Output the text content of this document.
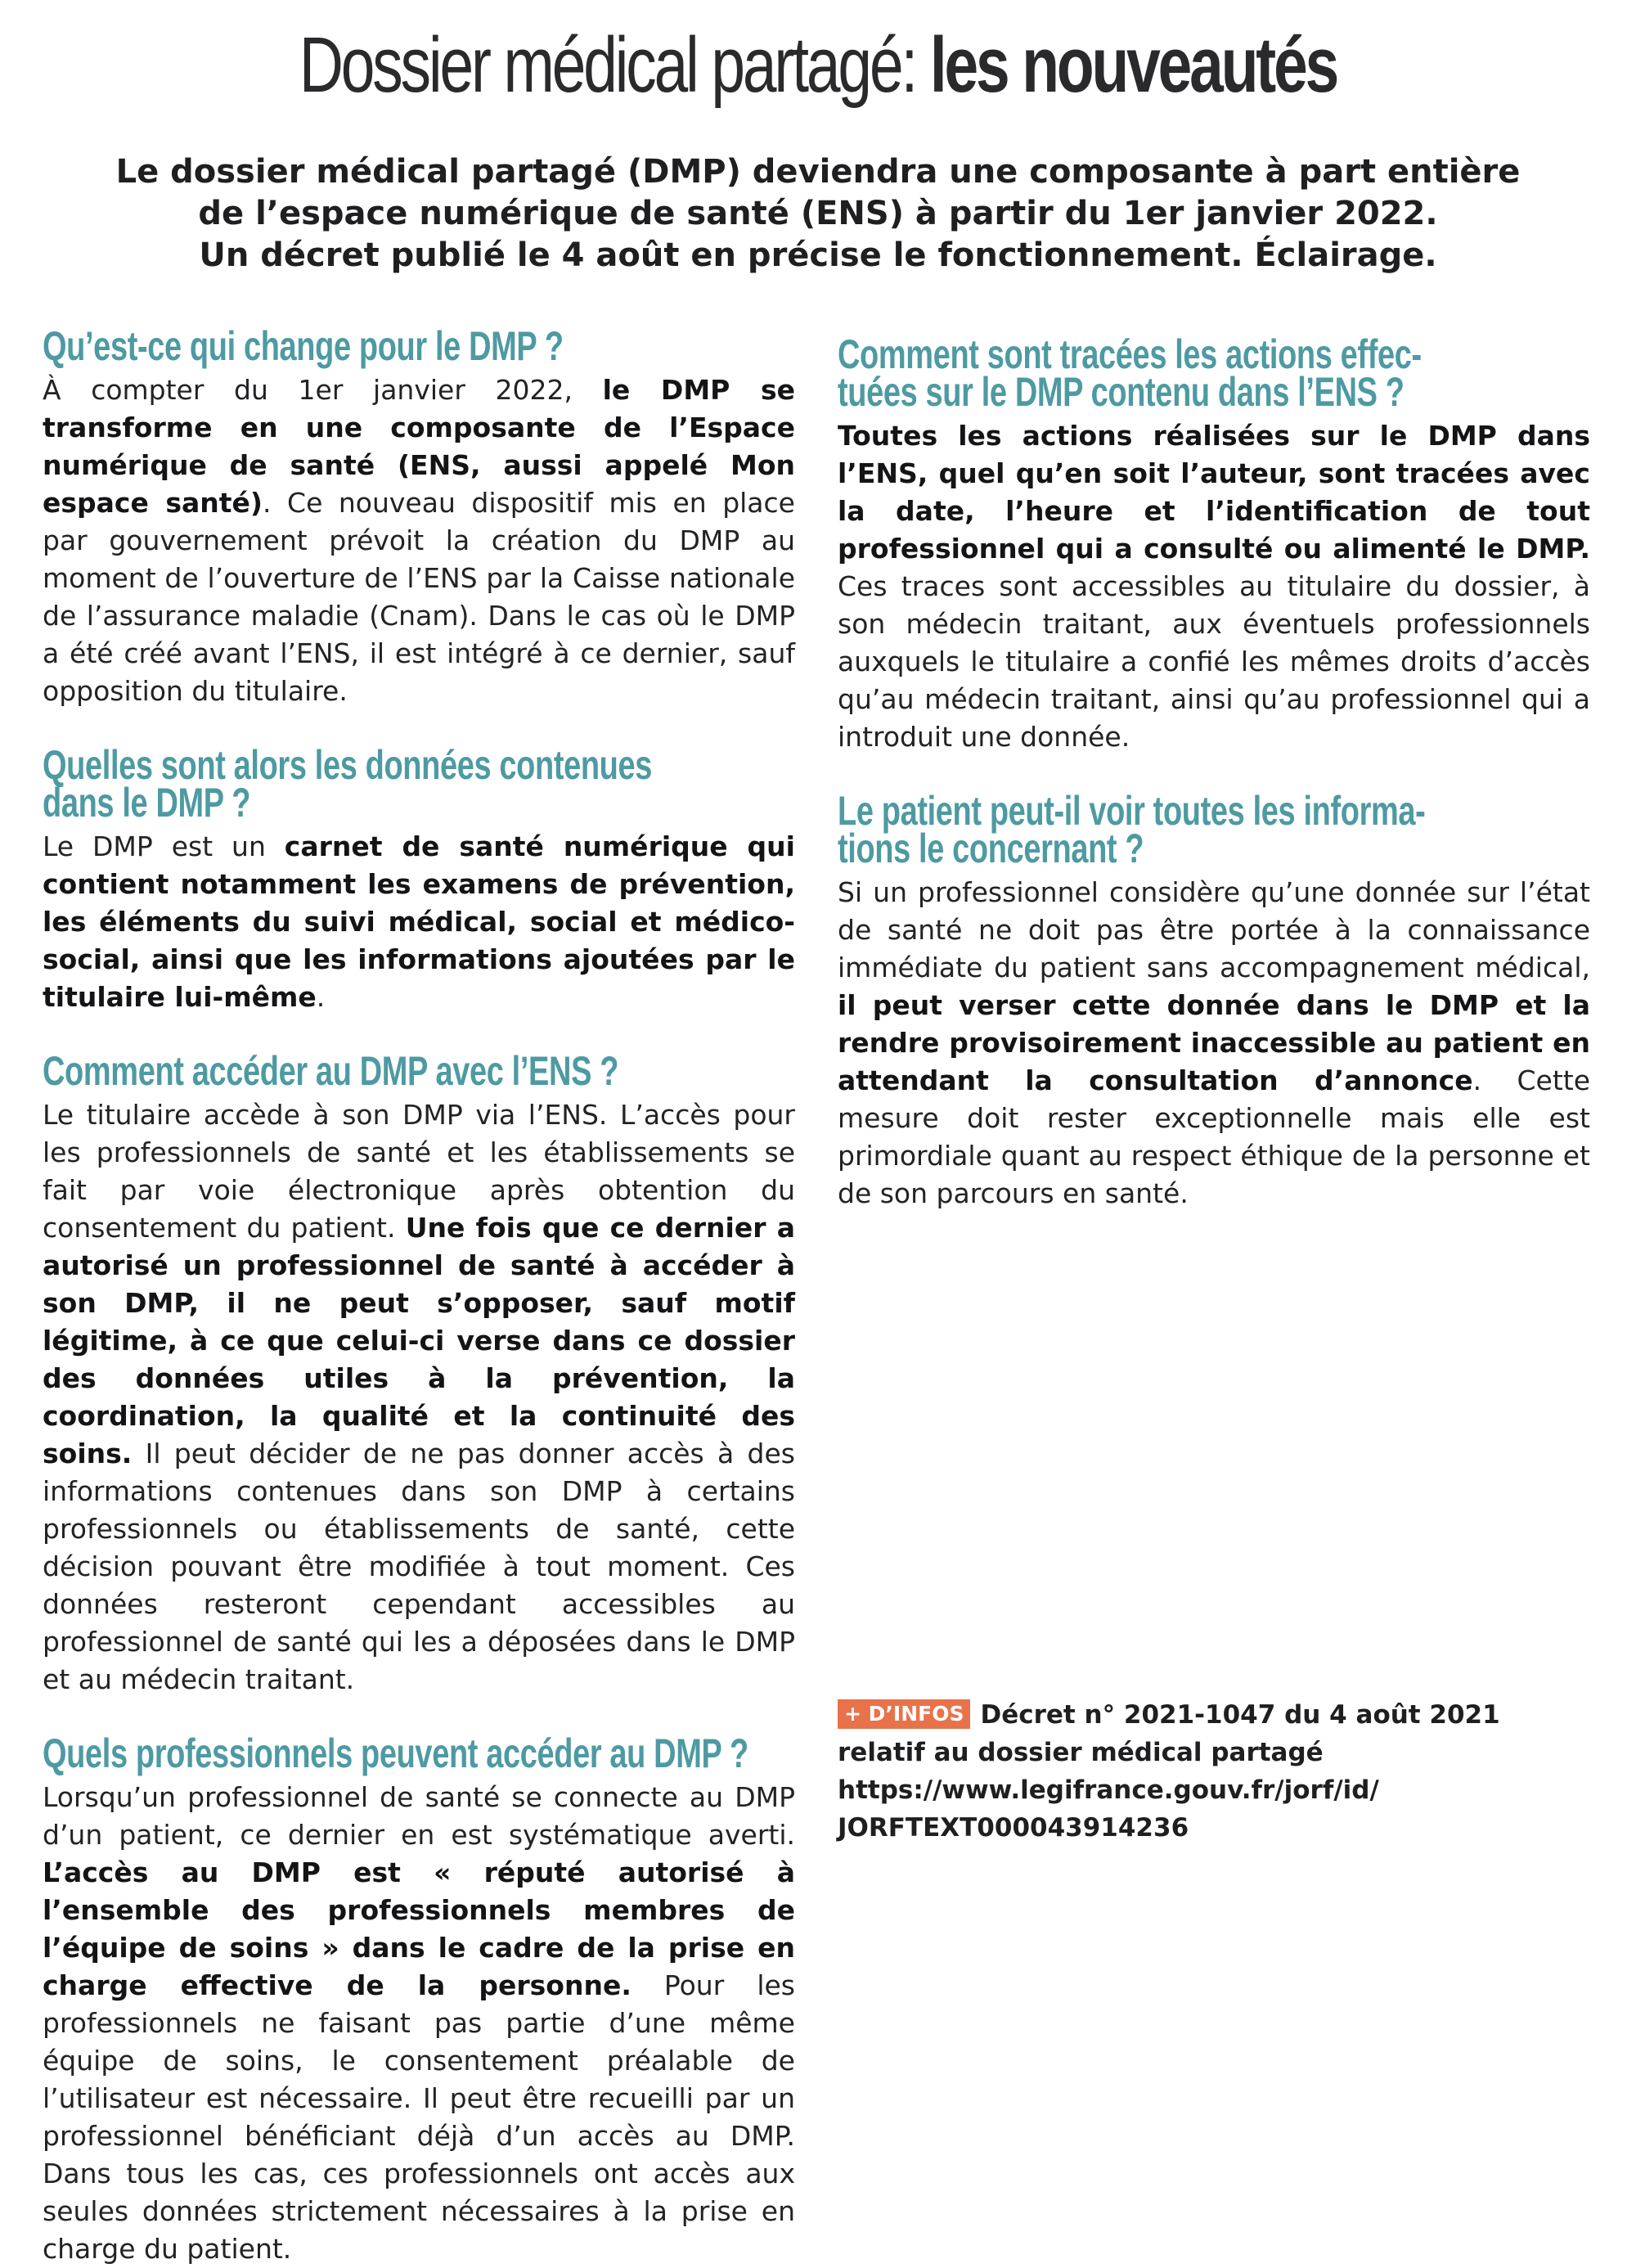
Dossier médical partagé: les nouveautés

Le dossier médical partagé (DMP) deviendra une composante à part entière

de l’espace numérique de santé (ENS) à partir du 1er janvier 2022.

Un décret publié le 4 août en précise le fonctionnement. Éclairage.

Qu’est-ce qui change pour le DMP ?

À compter du 1er janvier 2022, le DMP se transforme en une composante de l’Espace numérique de santé (ENS, aussi appelé Mon espace santé). Ce nouveau dispositif mis en place par gouvernement prévoit la création du DMP au moment de l’ouverture de l’ENS par la Caisse nationale de l’assurance maladie (Cnam). Dans le cas où le DMP a été créé avant l’ENS, il est intégré à ce dernier, sauf opposition du titulaire.

Quelles sont alors les données contenues
dans le DMP ?

Le DMP est un carnet de santé numérique qui contient notamment les examens de prévention, les éléments du suivi médical, social et médico-social, ainsi que les informations ajoutées par le titulaire lui-même.

Comment accéder au DMP avec l’ENS ?

Le titulaire accède à son DMP via l’ENS. L’accès pour les professionnels de santé et les établissements se fait par voie électronique après obtention du consentement du patient. Une fois que ce dernier a autorisé un professionnel de santé à accéder à son DMP, il ne peut s’opposer, sauf motif légitime, à ce que celui-ci verse dans ce dossier des données utiles à la prévention, la coordination, la qualité et la continuité des soins. Il peut décider de ne pas donner accès à des informations contenues dans son DMP à certains professionnels ou établissements de santé, cette décision pouvant être modifiée à tout moment. Ces données resteront cependant accessibles au professionnel de santé qui les a déposées dans le DMP et au médecin traitant.

Quels professionnels peuvent accéder au DMP ?

Lorsqu’un professionnel de santé se connecte au DMP d’un patient, ce dernier en est systématique averti. L’accès au DMP est « réputé autorisé à l’ensemble des professionnels membres de l’équipe de soins » dans le cadre de la prise en charge effective de la personne. Pour les professionnels ne faisant pas partie d’une même équipe de soins, le consentement préalable de l’utilisateur est nécessaire. Il peut être recueilli par un professionnel bénéficiant déjà d’un accès au DMP. Dans tous les cas, ces professionnels ont accès aux seules données strictement nécessaires à la prise en charge du patient.

Comment sont tracées les actions effec-
tuées sur le DMP contenu dans l’ENS ?

Toutes les actions réalisées sur le DMP dans l’ENS, quel qu’en soit l’auteur, sont tracées avec la date, l’heure et l’identification de tout professionnel qui a consulté ou alimenté le DMP. Ces traces sont accessibles au titulaire du dossier, à son médecin traitant, aux éventuels professionnels auxquels le titulaire a confié les mêmes droits d’accès qu’au médecin traitant, ainsi qu’au professionnel qui a introduit une donnée.

Le patient peut-il voir toutes les informa-
tions le concernant ?

Si un professionnel considère qu’une donnée sur l’état de santé ne doit pas être portée à la connaissance immédiate du patient sans accompagnement médical, il peut verser cette donnée dans le DMP et la rendre provisoirement inaccessible au patient en attendant la consultation d’annonce. Cette mesure doit rester exceptionnelle mais elle est primordiale quant au respect éthique de la personne et de son parcours en santé.

+ D’INFOS Décret n° 2021-1047 du 4 août 2021
relatif au dossier médical partagé
https://www.legifrance.gouv.fr/jorf/id/
JORFTEXT000043914236
